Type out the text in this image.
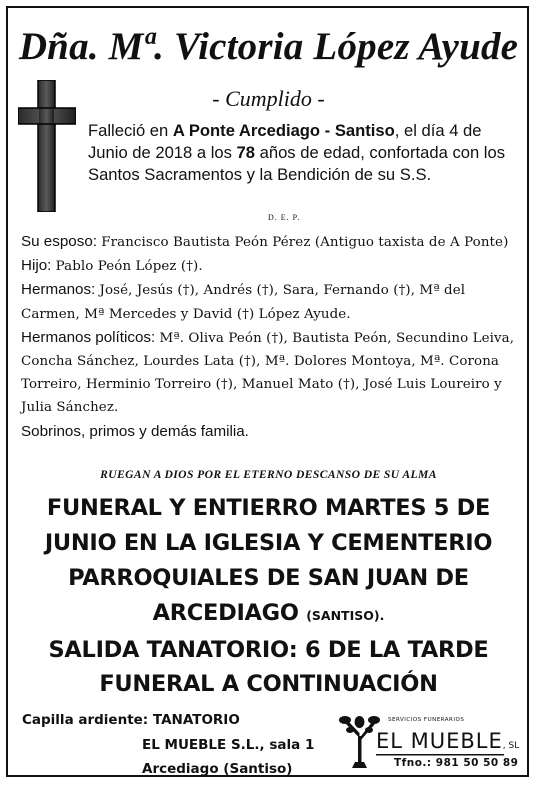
Dña. Mª. Victoria López Ayude
- Cumplido -
Falleció en A Ponte Arcediago - Santiso, el día 4 de Junio de 2018 a los 78 años de edad, confortada con los Santos Sacramentos y la Bendición de su S.S.
D. E. P.
Su esposo: Francisco Bautista Peón Pérez (Antiguo taxista de A Ponte)
Hijo: Pablo Peón López (†).
Hermanos: José, Jesús (†), Andrés (†), Sara, Fernando (†), Mª del Carmen, Mª Mercedes y David (†) López Ayude.
Hermanos políticos: Mª. Oliva Peón (†), Bautista Peón, Secundino Leiva, Concha Sánchez, Lourdes Lata (†), Mª. Dolores Montoya, Mª. Corona Torreiro, Herminio Torreiro (†), Manuel Mato (†), José Luis Loureiro y Julia Sánchez.
Sobrinos, primos y demás familia.
RUEGAN A DIOS POR EL ETERNO DESCANSO DE SU ALMA
FUNERAL Y ENTIERRO MARTES 5 DE
JUNIO EN LA IGLESIA Y CEMENTERIO
PARROQUIALES DE SAN JUAN DE
ARCEDIAGO (SANTISO).
SALIDA TANATORIO: 6 DE LA TARDE
FUNERAL A CONTINUACIÓN
Capilla ardiente: TANATORIO
EL MUEBLE S.L., sala 1
Arcediago (Santiso)
SERVICIOS FUNERARIOS
EL MUEBLE, SL
Tfno.: 981 50 50 89
